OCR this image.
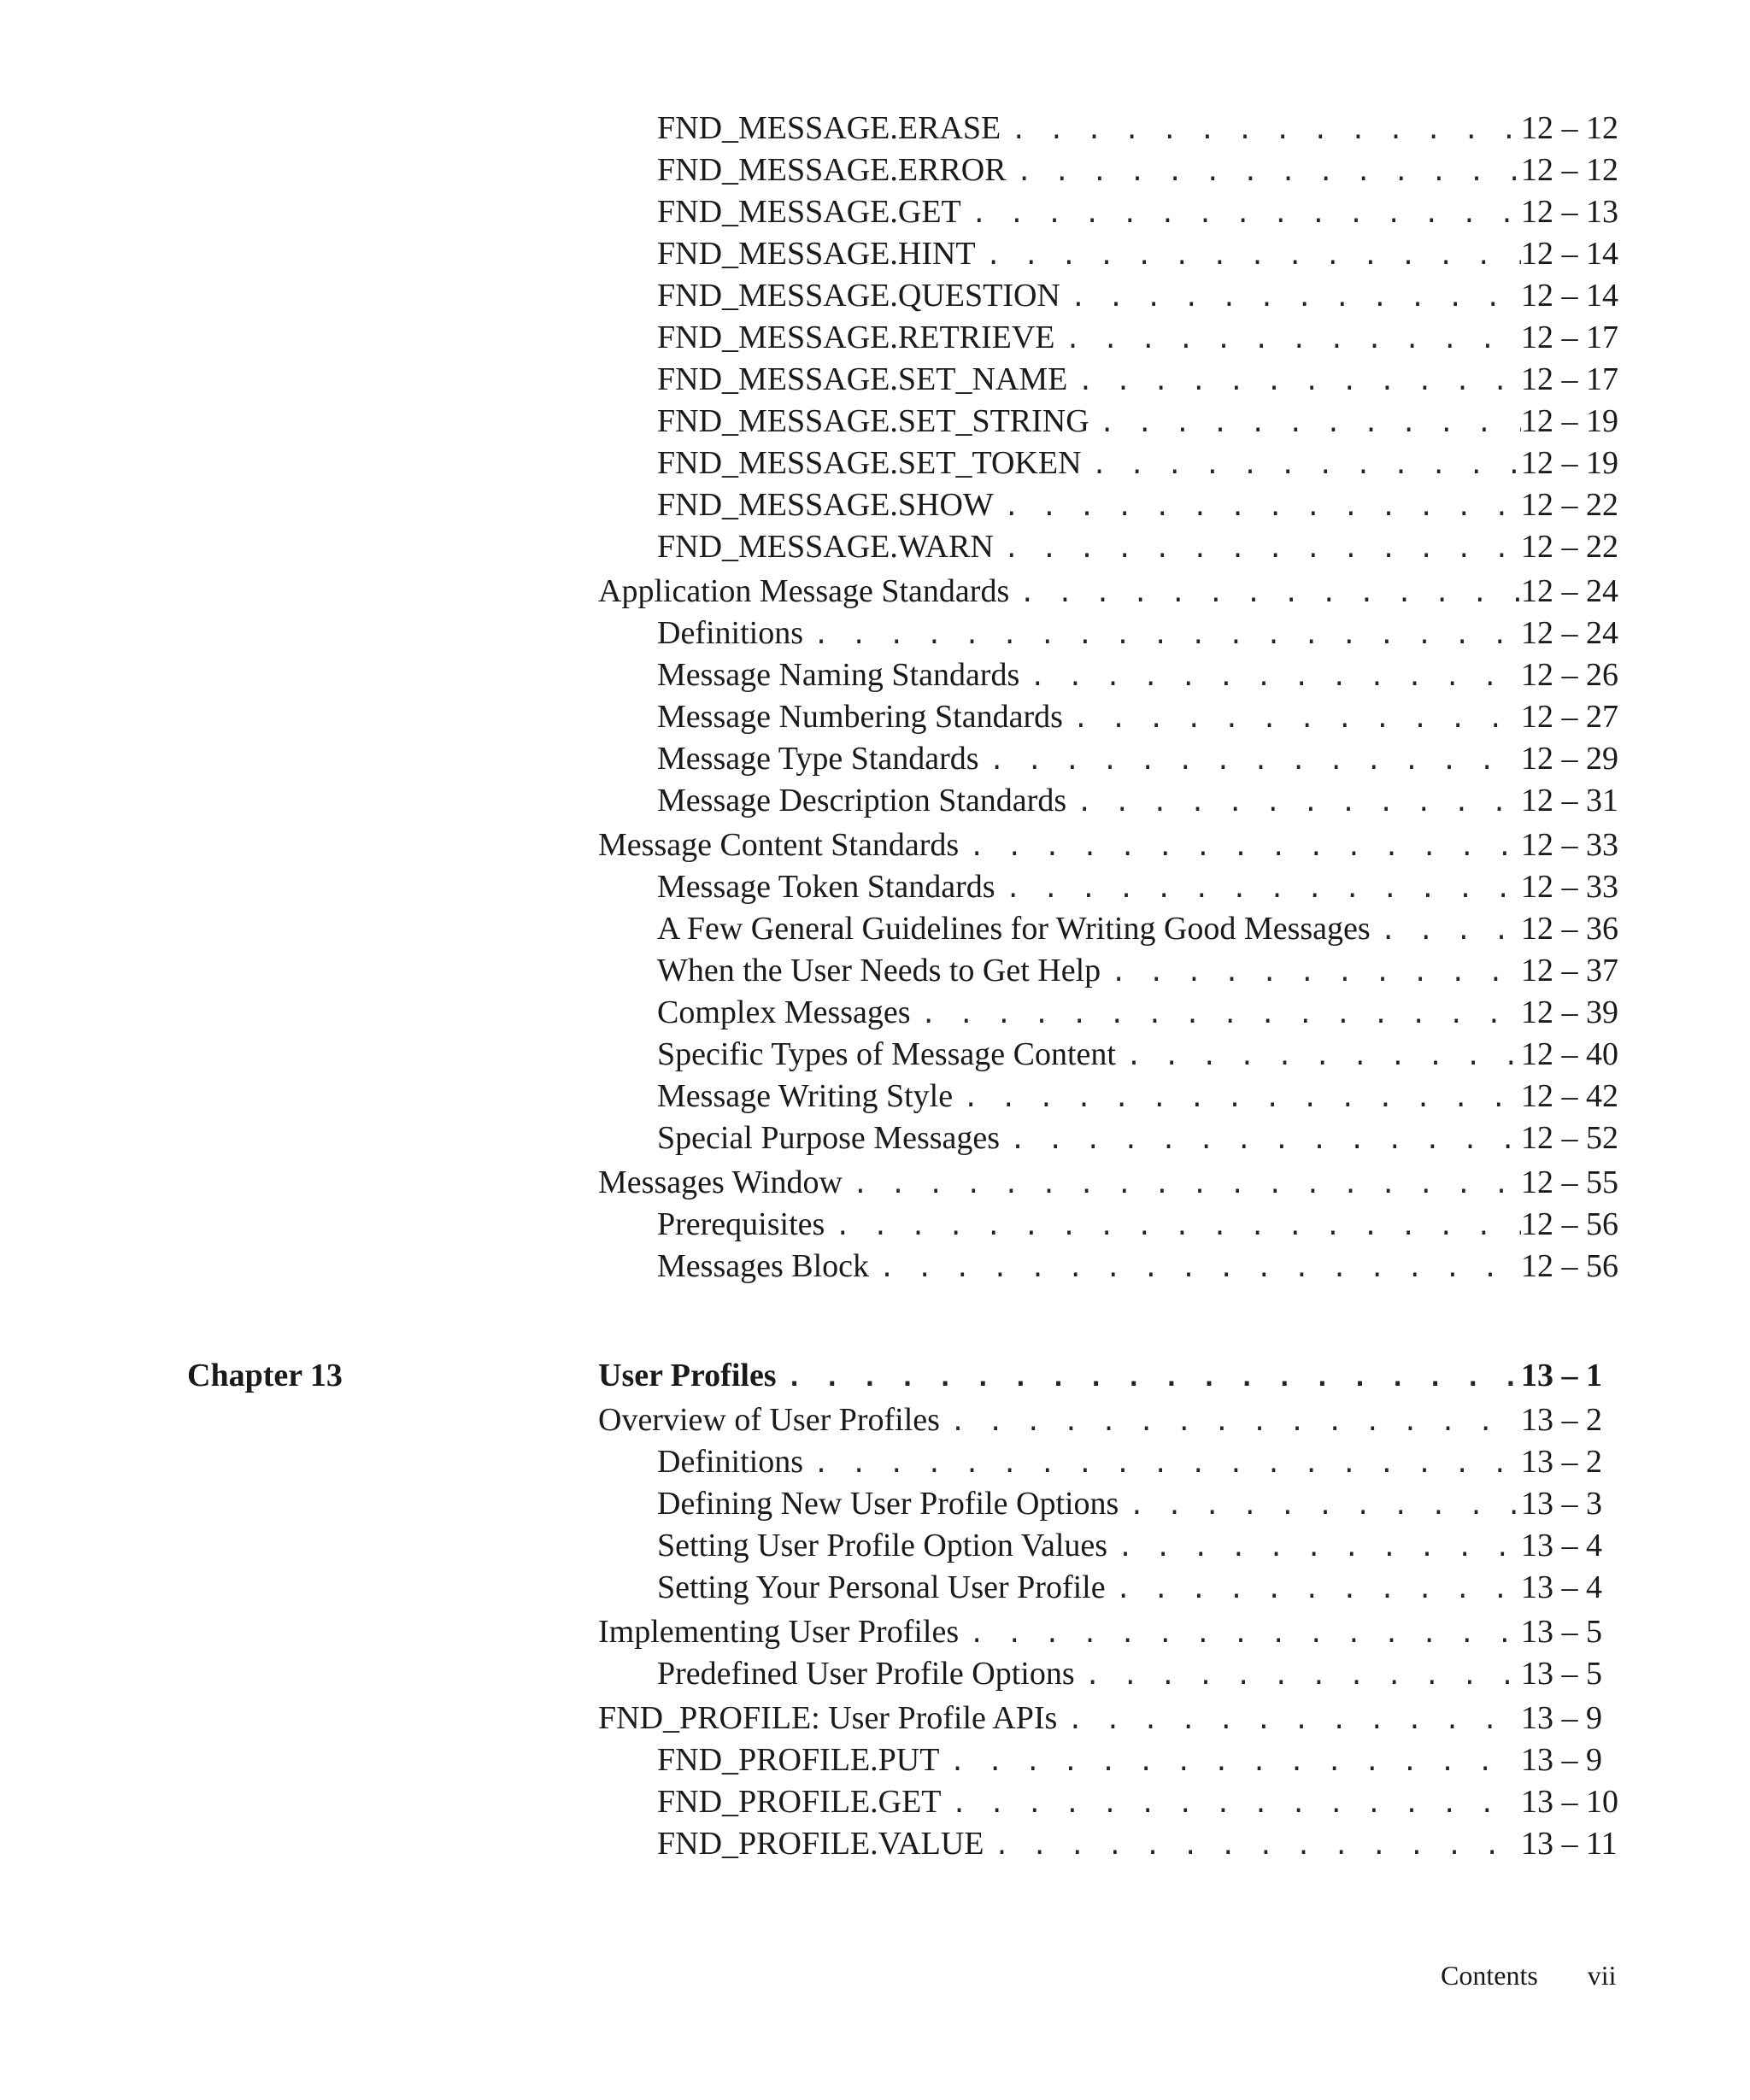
FND_MESSAGE.ERASE . . .	12 – 12
FND_MESSAGE.ERROR . . .	12 – 12
FND_MESSAGE.GET . . .	12 – 13
FND_MESSAGE.HINT . . .	12 – 14
FND_MESSAGE.QUESTION . . .	12 – 14
FND_MESSAGE.RETRIEVE . . .	12 – 17
FND_MESSAGE.SET_NAME . . .	12 – 17
FND_MESSAGE.SET_STRING . . .	12 – 19
FND_MESSAGE.SET_TOKEN . . .	12 – 19
FND_MESSAGE.SHOW . . .	12 – 22
FND_MESSAGE.WARN . . .	12 – 22
Application Message Standards . . .	12 – 24
Definitions . . .	12 – 24
Message Naming Standards . . .	12 – 26
Message Numbering Standards . . .	12 – 27
Message Type Standards . . .	12 – 29
Message Description Standards . . .	12 – 31
Message Content Standards . . .	12 – 33
Message Token Standards . . .	12 – 33
A Few General Guidelines for Writing Good Messages . . .	12 – 36
When the User Needs to Get Help . . .	12 – 37
Complex Messages . . .	12 – 39
Specific Types of Message Content . . .	12 – 40
Message Writing Style . . .	12 – 42
Special Purpose Messages . . .	12 – 52
Messages Window . . .	12 – 55
Prerequisites . . .	12 – 56
Messages Block . . .	12 – 56
Chapter 13	User Profiles . . .	13 – 1
Overview of User Profiles . . .	13 – 2
Definitions . . .	13 – 2
Defining New User Profile Options . . .	13 – 3
Setting User Profile Option Values . . .	13 – 4
Setting Your Personal User Profile . . .	13 – 4
Implementing User Profiles . . .	13 – 5
Predefined User Profile Options . . .	13 – 5
FND_PROFILE: User Profile APIs . . .	13 – 9
FND_PROFILE.PUT . . .	13 – 9
FND_PROFILE.GET . . .	13 – 10
FND_PROFILE.VALUE . . .	13 – 11
Contents vii
